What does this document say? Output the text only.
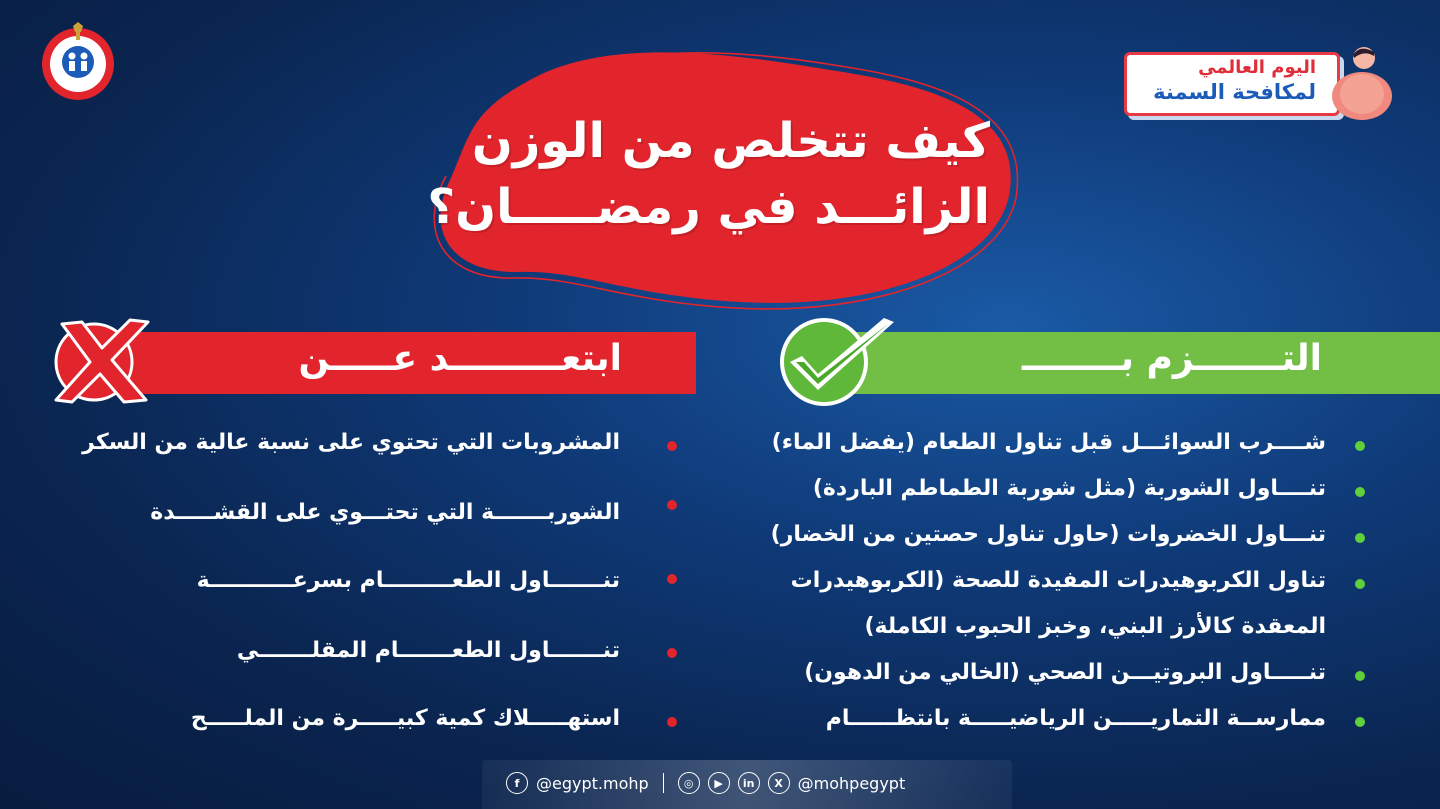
اليوم العالمي
لمكافحة السمنة
كيف تتخلص من الوزن
الزائـــد في رمضـــــان؟
التـــــــزم بــــــــ
ابتعـــــــــد عـــــن
شــــرب السوائـــل قبل تناول الطعام (يفضل الماء)
تنــــاول الشوربة (مثل شوربة الطماطم الباردة)
تنـــاول الخضروات (حاول تناول حصتين من الخضار)
تناول الكربوهيدرات المفيدة للصحة (الكربوهيدرات
المعقدة كالأرز البني، وخبز الحبوب الكاملة)
تنـــــاول البروتيـــن الصحي (الخالي من الدهون)
ممارســة التماريـــــن الرياضيـــــة بانتظــــــام
المشروبات التي تحتوي على نسبة عالية من السكر
الشوربـــــــة التي تحتـــوي على القشـــــدة
تنـــــــاول الطعـــــــــام بسرعـــــــــــة
تنـــــــاول الطعـــــــام المقلـــــــي
استهـــــلاك كمية كبيـــــرة من الملـــــح
f	@egypt.mohp	◎	▶	in	X @mohpegypt
